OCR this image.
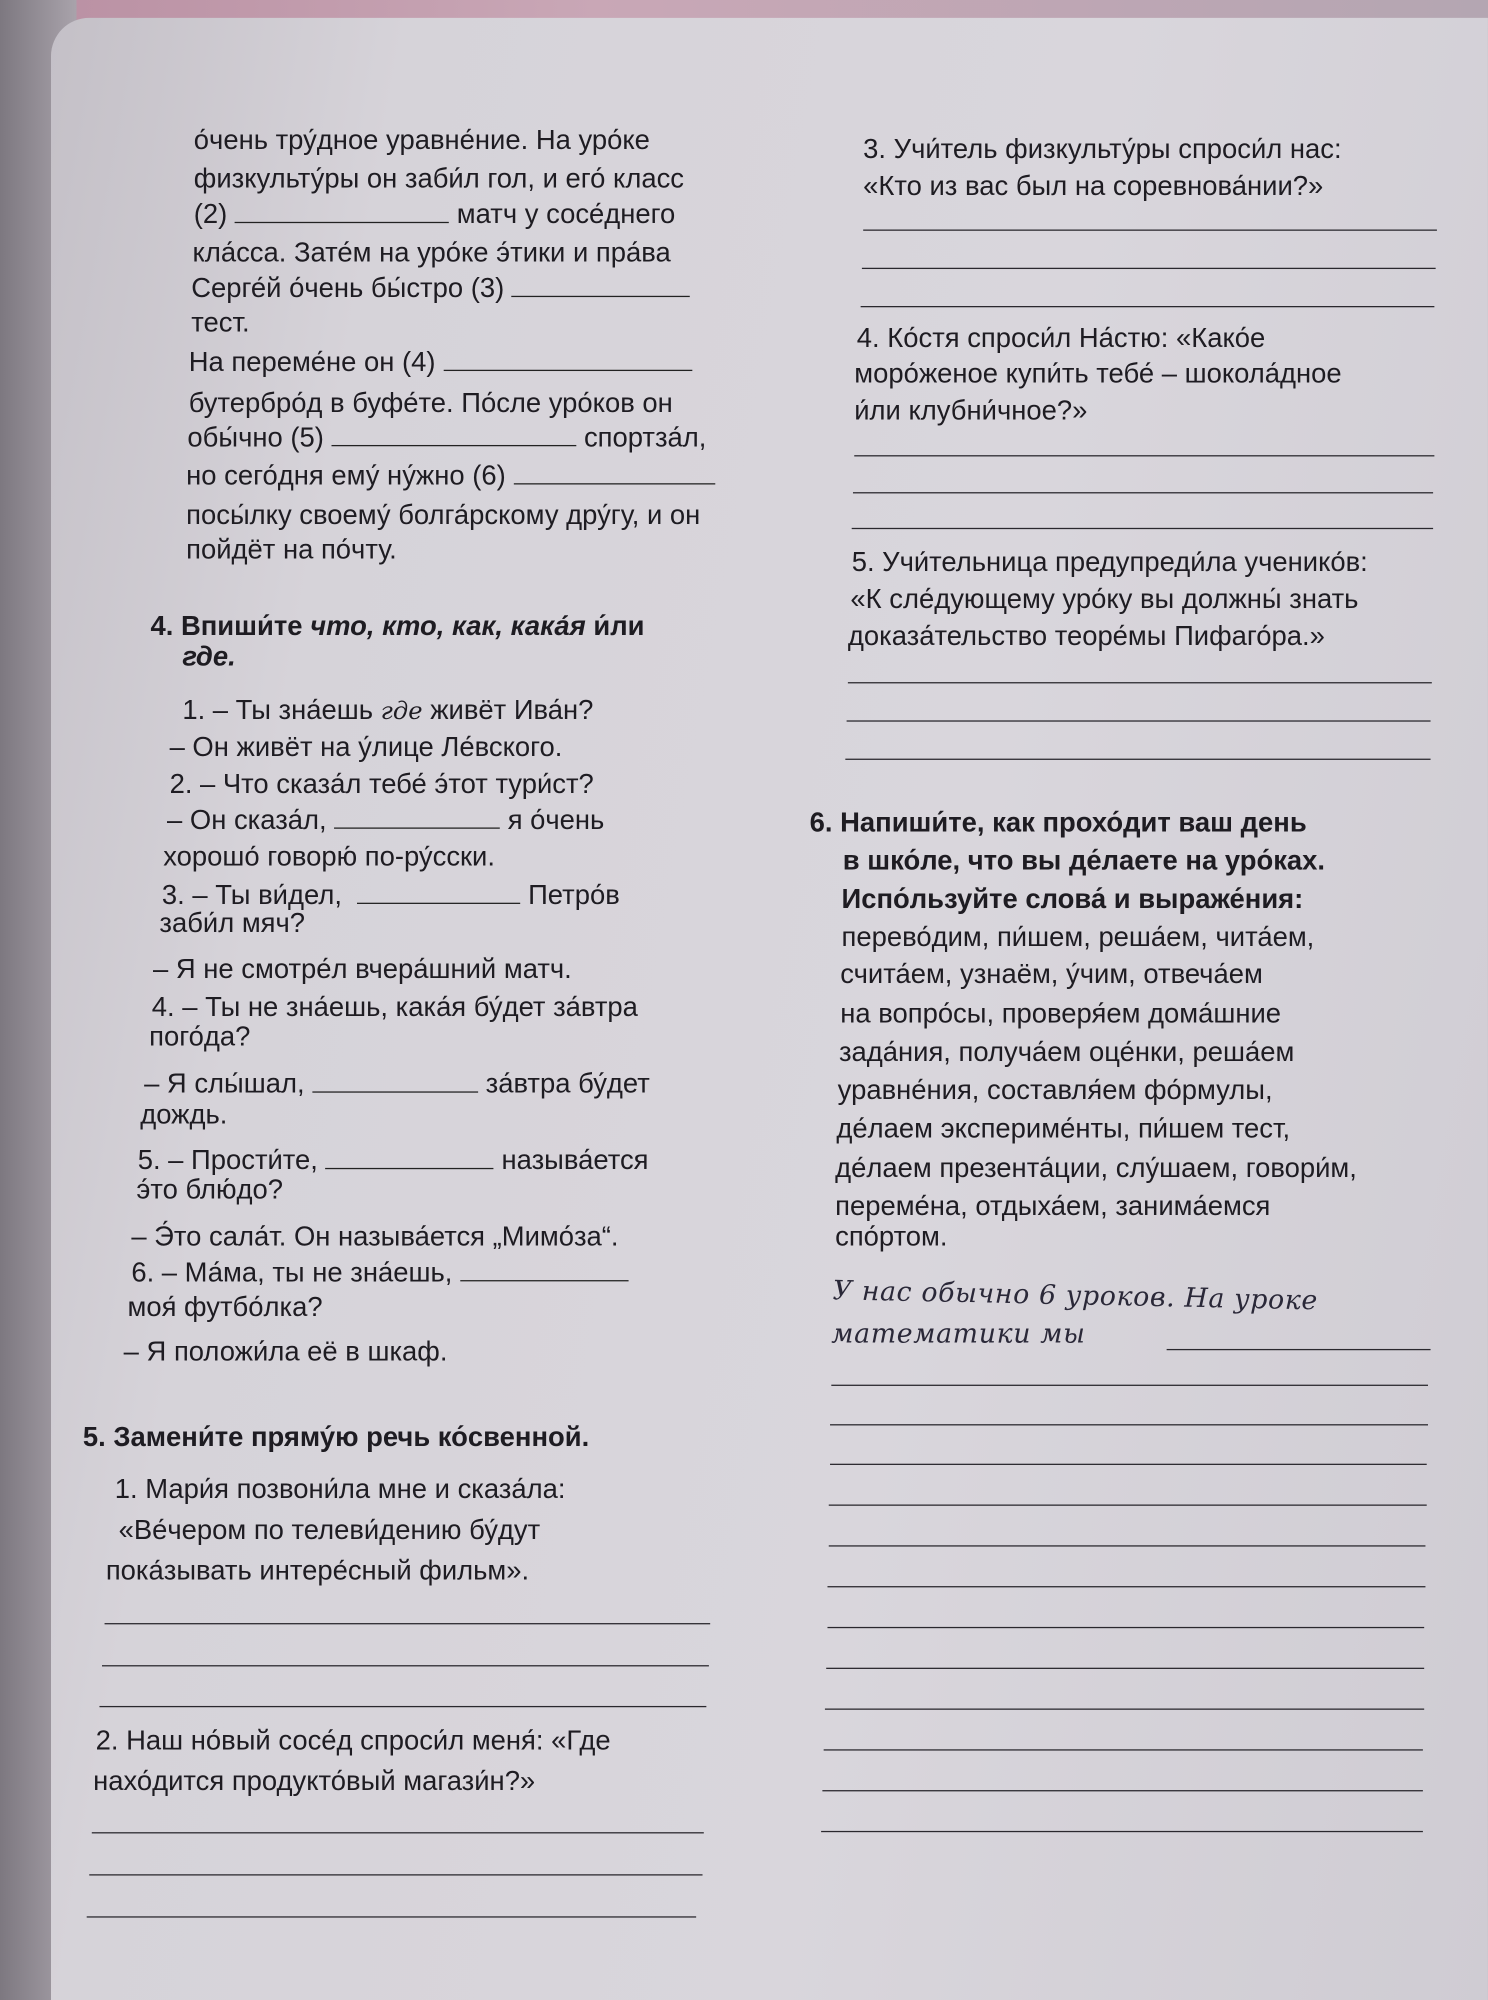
о́чень тру́дное уравне́ние. На уро́ке
физкульту́ры он заби́л гол, и его́ класс
(2)	матч у сосе́днего
кла́сса. Зате́м на уро́ке э́тики и пра́ва
Серге́й о́чень бы́стро (3)
тест.
На переме́не он (4)
бутербро́д в буфе́те. По́сле уро́ков он
обы́чно (5)	спортза́л,
но сего́дня ему́ ну́жно (6)
посы́лку своему́ болга́рскому дру́гу, и он
пойдёт на по́чту.
4. Впиши́те что, кто, как, кака́я и́ли
где.
1. – Ты зна́ешь где живёт Ива́н?
– Он живёт на у́лице Ле́вского.
2. – Что сказа́л тебе́ э́тот тури́ст?
– Он сказа́л,	я о́чень
хорошо́ говорю́ по-ру́сски.
3. – Ты ви́дел,	Петро́в
заби́л мяч?
– Я не смотре́л вчера́шний матч.
4. – Ты не зна́ешь, кака́я бу́дет за́втра
пого́да?
– Я слы́шал,	за́втра бу́дет
дождь.
5. – Прости́те,	называ́ется
э́то блю́до?
– Э́то сала́т. Он называ́ется „Мимо́за“.
6. – Ма́ма, ты не зна́ешь,
моя́ футбо́лка?
– Я положи́ла её в шкаф.
5. Замени́те пряму́ю речь ко́свенной.
1. Мари́я позвони́ла мне и сказа́ла:
«Ве́чером по телеви́дению бу́дут
пока́зывать интере́сный фильм».
2. Наш но́вый сосе́д спроси́л меня́: «Где
нахо́дится продукто́вый магази́н?»
3. Учи́тель физкульту́ры спроси́л нас:
«Кто из вас был на соревнова́нии?»
4. Ко́стя спроси́л На́стю: «Како́е
моро́женое купи́ть тебе́ – шокола́дное
и́ли клубни́чное?»
5. Учи́тельница предупреди́ла ученико́в:
«К сле́дующему уро́ку вы должны́ знать
доказа́тельство теоре́мы Пифаго́ра.»
6. Напиши́те, как прохо́дит ваш день
в шко́ле, что вы де́лаете на уро́ках.
Испо́льзуйте слова́ и выраже́ния:
перево́дим, пи́шем, реша́ем, чита́ем,
счита́ем, узнаём, у́чим, отвеча́ем
на вопро́сы, проверя́ем дома́шние
зада́ния, получа́ем оце́нки, реша́ем
уравне́ния, составля́ем фо́рмулы,
де́лаем экспериме́нты, пи́шем тест,
де́лаем презента́ции, слу́шаем, говори́м,
переме́на, отдыха́ем, занима́емся
спо́ртом.
У нас обычно 6 уроков. На уроке
математики мы
